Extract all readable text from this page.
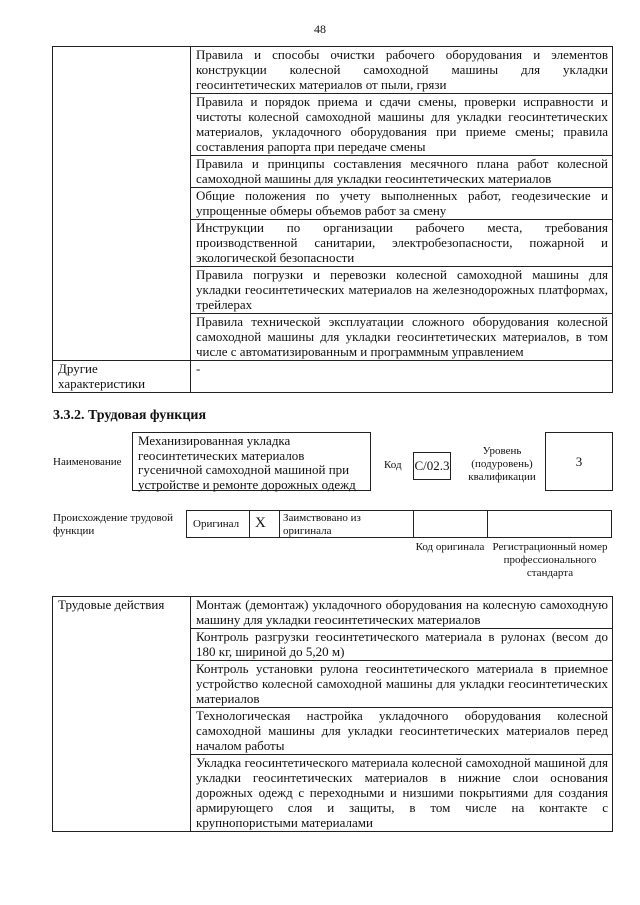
48
	Правила и способы очистки рабочего оборудования и элементов конструкции колесной самоходной машины для укладки геосинтетических материалов от пыли, грязи
	Правила и порядок приема и сдачи смены, проверки исправности и чистоты колесной самоходной машины для укладки геосинтетических материалов, укладочного оборудования при приеме смены; правила составления рапорта при передаче смены
	Правила и принципы составления месячного плана работ колесной самоходной машины для укладки геосинтетических материалов
	Общие положения по учету выполненных работ, геодезические и упрощенные обмеры объемов работ за смену
	Инструкции по организации рабочего места, требования производственной санитарии, электробезопасности, пожарной и экологической безопасности
	Правила погрузки и перевозки колесной самоходной машины для укладки геосинтетических материалов на железнодорожных платформах, трейлерах
	Правила технической эксплуатации сложного оборудования колесной самоходной машины для укладки геосинтетических материалов, в том числе с автоматизированным и программным управлением
Другие характеристики	-
3.3.2. Трудовая функция
Наименование
Механизированная укладка геосинтетических материалов гусеничной самоходной машиной при устройстве и ремонте дорожных одежд
Код C/02.3
Уровень (подуровень) квалификации
3
Происхождение трудовой функции
Оригинал X Заимствовано из оригинала
Код оригинала Регистрационный номер профессионального стандарта
Трудовые действия	Монтаж (демонтаж) укладочного оборудования на колесную самоходную машину для укладки геосинтетических материалов
Контроль разгрузки геосинтетического материала в рулонах (весом до 180 кг, шириной до 5,20 м)
Контроль установки рулона геосинтетического материала в приемное устройство колесной самоходной машины для укладки геосинтетических материалов
Технологическая настройка укладочного оборудования колесной самоходной машины для укладки геосинтетических материалов перед началом работы
Укладка геосинтетического материала колесной самоходной машиной для укладки геосинтетических материалов в нижние слои основания дорожных одежд с переходными и низшими покрытиями для создания армирующего слоя и защиты, в том числе на контакте с крупнопористыми материалами
